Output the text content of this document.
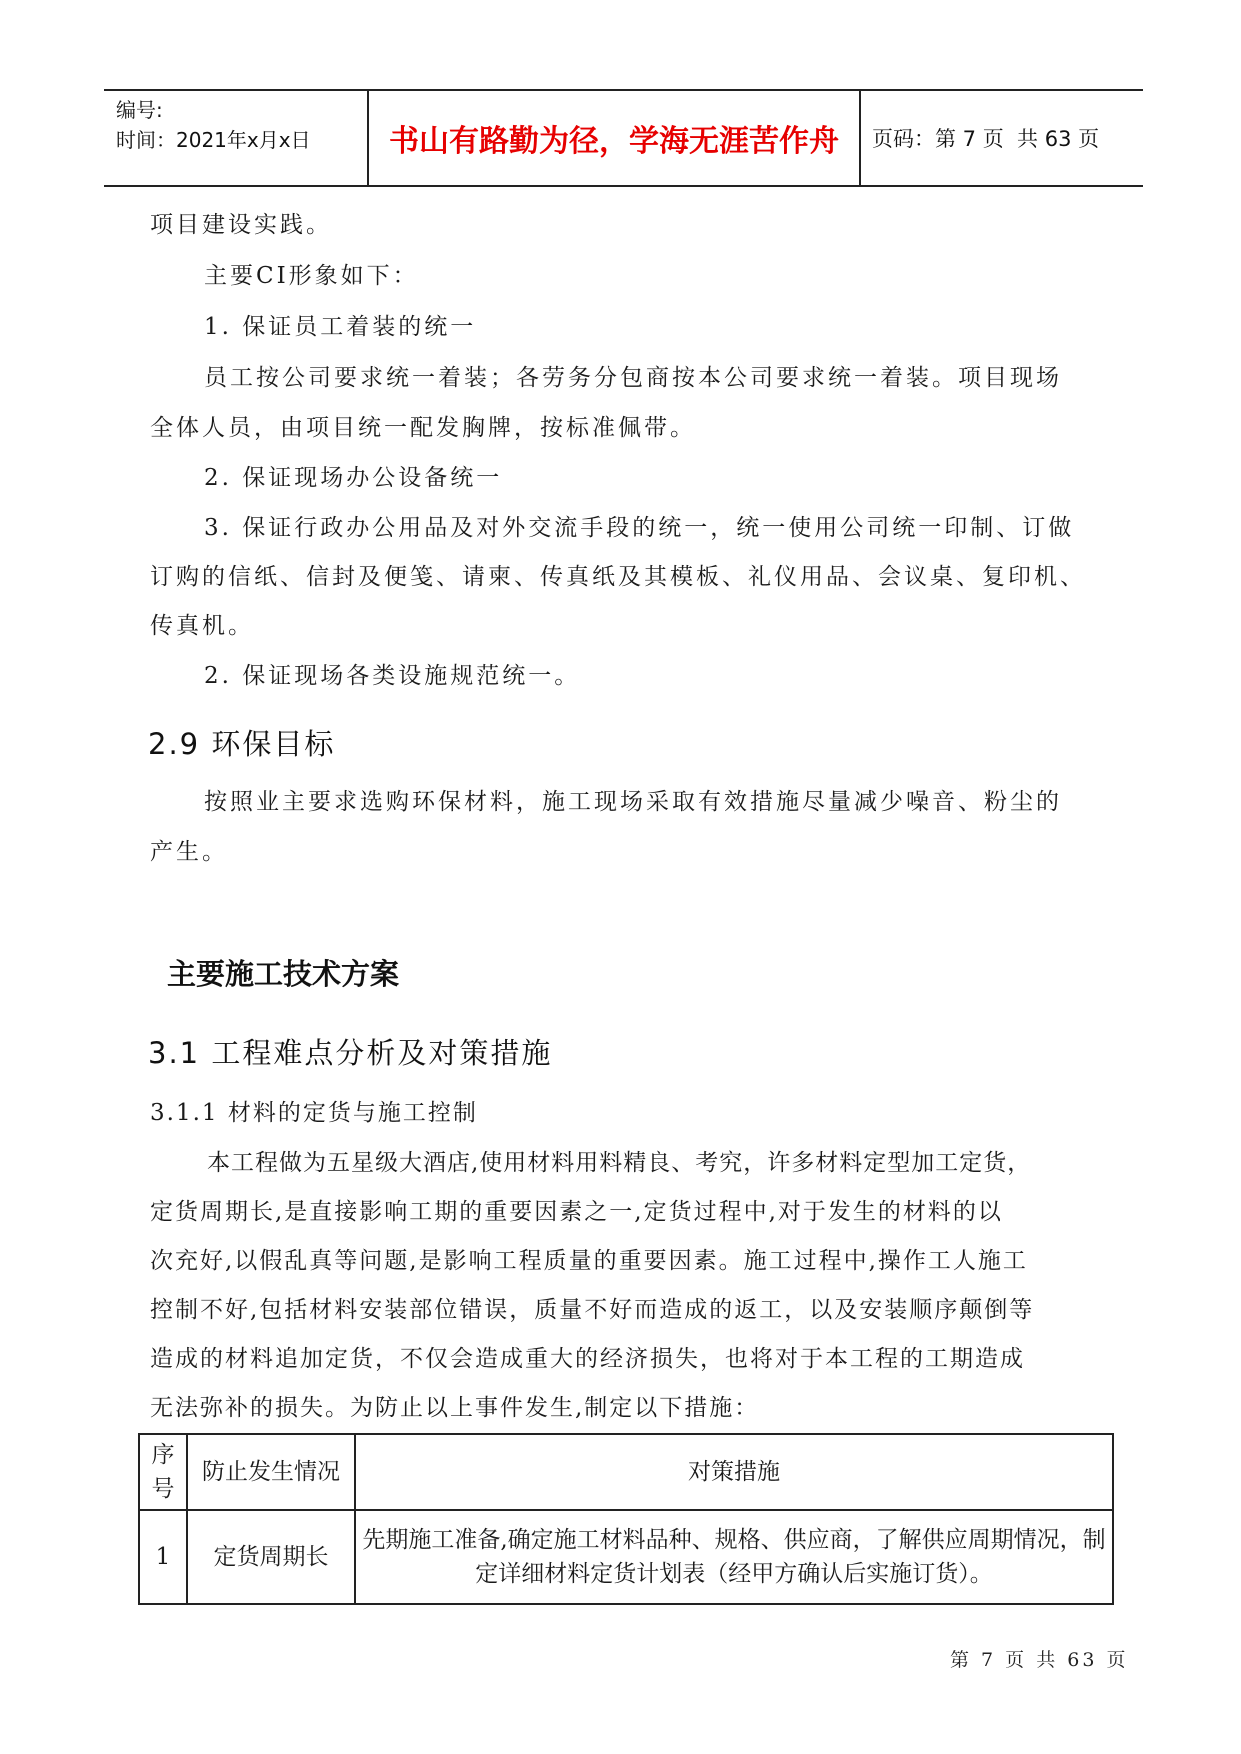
编号:
时间：2021年x月x日	书山有路勤为径，学海无涯苦作舟	页码：第 7 页  共 63 页
项目建设实践。
主要CI形象如下：
1. 保证员工着装的统一
员工按公司要求统一着装；各劳务分包商按本公司要求统一着装。项目现场
全体人员，由项目统一配发胸牌，按标准佩带。
2. 保证现场办公设备统一
3. 保证行政办公用品及对外交流手段的统一，统一使用公司统一印制、订做
订购的信纸、信封及便笺、请柬、传真纸及其模板、礼仪用品、会议桌、复印机、
传真机。
2. 保证现场各类设施规范统一。
2.9 环保目标
按照业主要求选购环保材料，施工现场采取有效措施尽量减少噪音、粉尘的
产生。
主要施工技术方案
3.1 工程难点分析及对策措施
3.1.1 材料的定货与施工控制
本工程做为五星级大酒店,使用材料用料精良、考究，许多材料定型加工定货，
定货周期长,是直接影响工期的重要因素之一,定货过程中,对于发生的材料的以
次充好,以假乱真等问题,是影响工程质量的重要因素。施工过程中,操作工人施工
控制不好,包括材料安装部位错误，质量不好而造成的返工，以及安装顺序颠倒等
造成的材料追加定货，不仅会造成重大的经济损失，也将对于本工程的工期造成
无法弥补的损失。为防止以上事件发生,制定以下措施：
序号	防止发生情况	对策措施
1	定货周期长	先期施工准备,确定施工材料品种、规格、供应商，了解供应周期情况，制定详细材料定货计划表（经甲方确认后实施订货）。
第 7 页 共 63 页
